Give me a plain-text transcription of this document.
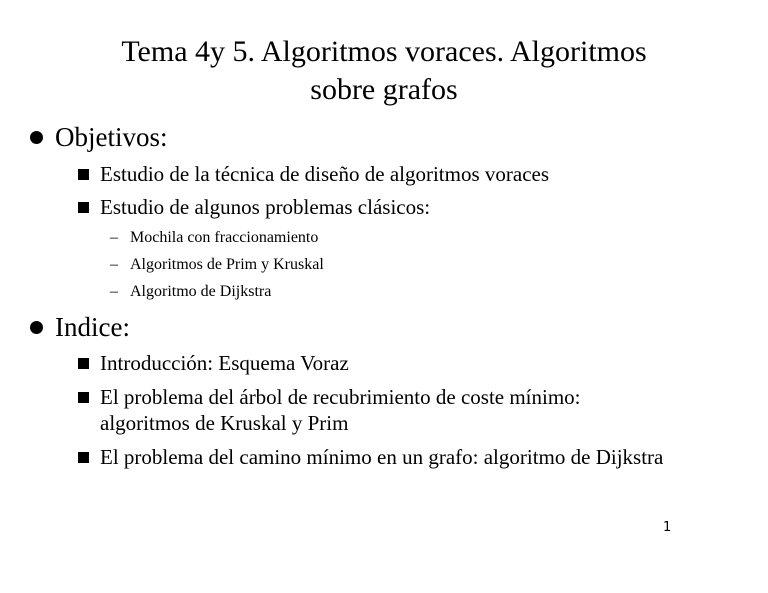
Tema 4y 5. Algoritmos voraces. Algoritmos
sobre grafos
Objetivos:
Estudio de la técnica de diseño de algoritmos voraces
Estudio de algunos problemas clásicos:
– Mochila con fraccionamiento
– Algoritmos de Prim y Kruskal
– Algoritmo de Dijkstra
Indice:
Introducción: Esquema Voraz
El problema del árbol de recubrimiento de coste mínimo: algoritmos de Kruskal y Prim
El problema del camino mínimo en un grafo: algoritmo de Dijkstra
1
